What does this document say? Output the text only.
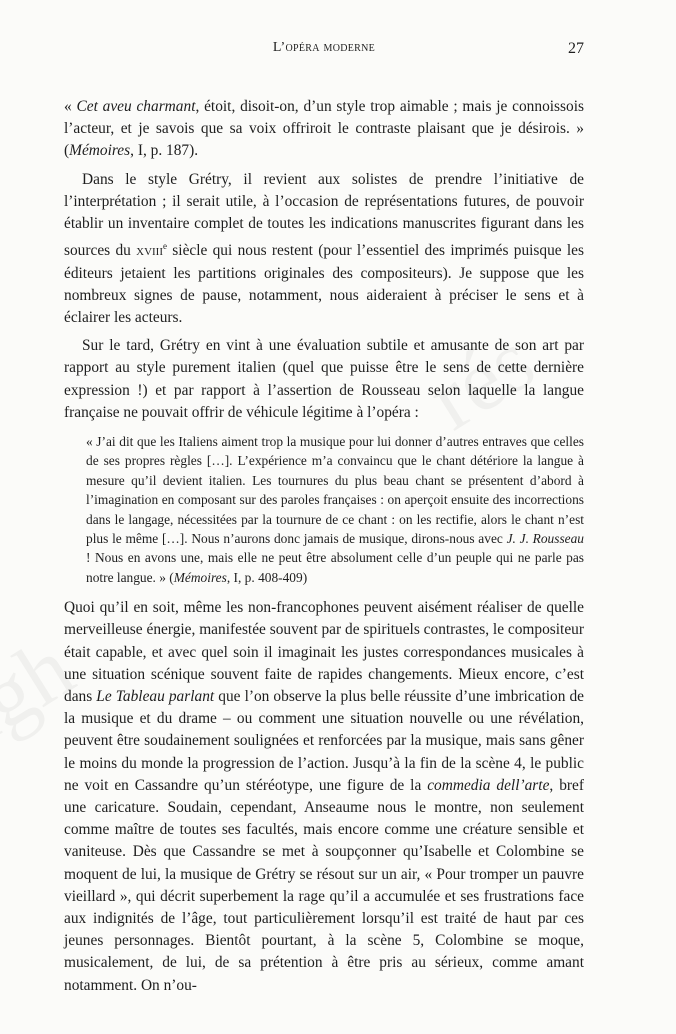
L’opéra moderne	27

« Cet aveu charmant, étoit, disoit-on, d’un style trop aimable ; mais je connoissois l’acteur, et je savois que sa voix offriroit le contraste plaisant que je désirois. » (Mémoires, I, p. 187).

Dans le style Grétry, il revient aux solistes de prendre l’initiative de l’interprétation ; il serait utile, à l’occasion de représentations futures, de pouvoir établir un inventaire complet de toutes les indications manuscrites figurant dans les sources du xviii$^e$ siècle qui nous restent (pour l’essentiel des imprimés puisque les éditeurs jetaient les partitions originales des compositeurs). Je suppose que les nombreux signes de pause, notamment, nous aideraient à préciser le sens et à éclairer les acteurs.

Sur le tard, Grétry en vint à une évaluation subtile et amusante de son art par rapport au style purement italien (quel que puisse être le sens de cette dernière expression !) et par rapport à l’assertion de Rousseau selon laquelle la langue française ne pouvait offrir de véhicule légitime à l’opéra :

« J’ai dit que les Italiens aiment trop la musique pour lui donner d’autres entraves que celles de ses propres règles […]. L’expérience m’a convaincu que le chant détériore la langue à mesure qu’il devient italien. Les tournures du plus beau chant se présentent d’abord à l’imagination en composant sur des paroles françaises : on aperçoit ensuite des incorrections dans le langage, nécessitées par la tournure de ce chant : on les rectifie, alors le chant n’est plus le même […]. Nous n’aurons donc jamais de musique, dirons-nous avec J. J. Rousseau ! Nous en avons une, mais elle ne peut être absolument celle d’un peuple qui ne parle pas notre langue. » (Mémoires, I, p. 408-409)

Quoi qu’il en soit, même les non-francophones peuvent aisément réaliser de quelle merveilleuse énergie, manifestée souvent par de spirituels contrastes, le compositeur était capable, et avec quel soin il imaginait les justes correspondances musicales à une situation scénique souvent faite de rapides changements. Mieux encore, c’est dans Le Tableau parlant que l’on observe la plus belle réussite d’une imbrication de la musique et du drame – ou comment une situation nouvelle ou une révélation, peuvent être soudainement soulignées et renforcées par la musique, mais sans gêner le moins du monde la progression de l’action. Jusqu’à la fin de la scène 4, le public ne voit en Cassandre qu’un stéréotype, une figure de la commedia dell’arte, bref une caricature. Soudain, cependant, Anseaume nous le montre, non seulement comme maître de toutes ses facultés, mais encore comme une créature sensible et vaniteuse. Dès que Cassandre se met à soupçonner qu’Isabelle et Colombine se moquent de lui, la musique de Grétry se résout sur un air, « Pour tromper un pauvre vieillard », qui décrit superbement la rage qu’il a accumulée et ses frustrations face aux indignités de l’âge, tout particulièrement lorsqu’il est traité de haut par ces jeunes personnages. Bientôt pourtant, à la scène 5, Colombine se moque, musicalement, de lui, de sa prétention à être pris au sérieux, comme amant notamment. On n’ou-
